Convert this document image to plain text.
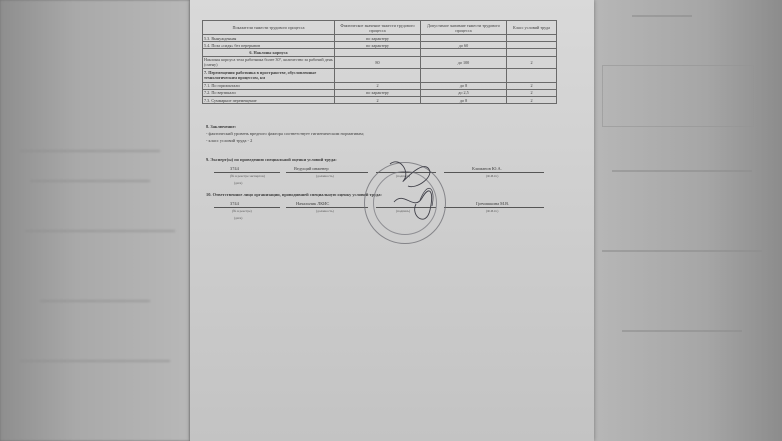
Показатели тяжести трудового процесса	Фактическое значение тяжести трудового процесса	Допустимое значение тяжести трудового процесса	Класс условий труда
5.3. Вынужденная	по характеру		
5.4. Поза «сидя» без перерывов	по характеру	до 60	
6. Наклоны корпуса			
Наклоны корпуса тела работника более 30°, количество за рабочий день (смену)	80	до 100	2
7. Перемещения работника в пространстве, обусловленные технологическим процессом, км			
7.1. По горизонтали	2	до 8	2
7.2. По вертикали	по характеру	до 2,5	2
7.3. Суммарное перемещение	2	до 8	2
8. Заключение:
- фактический уровень вредного фактора соответствует гигиеническим нормативам;
- класс условий труда - 2
9. Эксперт(ы) по проведению специальной оценки условий труда:
3744	Ведущий инженер	Климанов Ю.А.
(№ в реестре экспертов)	(должность)	(подпись)	(Ф.И.О.)
(дата)
10. Ответственное лицо организации, проводившей специальную оценку условий труда:
3744	Начальник ЛКИС	Гречишкина М.В.
(№ в реестре)	(должность)	(подпись)	(Ф.И.О.)
(дата)
